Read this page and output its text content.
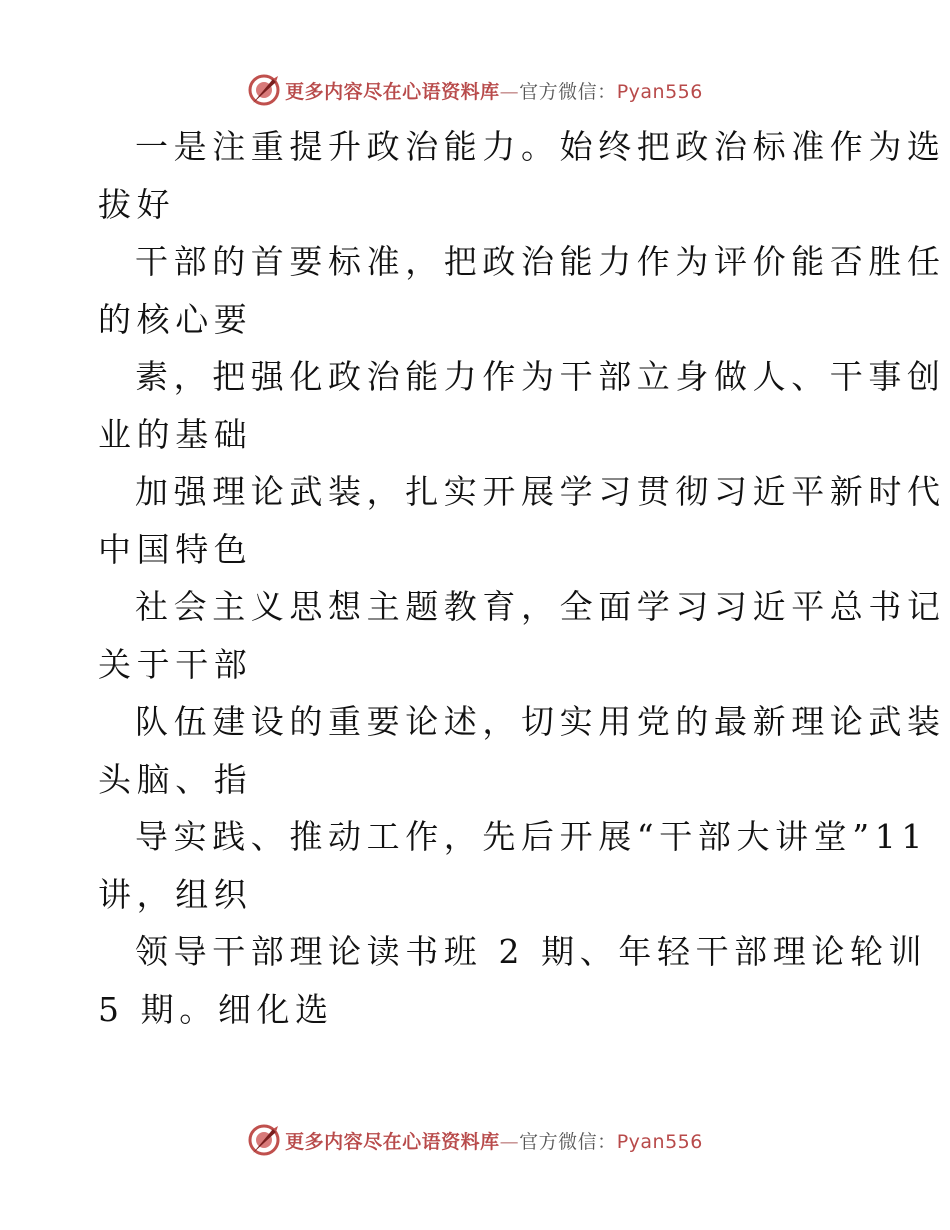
更多内容尽在心语资料库—官方微信：Pyan556

一是注重提升政治能力。始终把政治标准作为选
拔好

干部的首要标准，把政治能力作为评价能否胜任
的核心要

素，把强化政治能力作为干部立身做人、干事创
业的基础

加强理论武装，扎实开展学习贯彻习近平新时代
中国特色

社会主义思想主题教育，全面学习习近平总书记
关于干部

队伍建设的重要论述，切实用党的最新理论武装
头脑、指

导实践、推动工作，先后开展“干部大讲堂”11
讲，组织

领导干部理论读书班 2 期、年轻干部理论轮训
5 期。细化选

更多内容尽在心语资料库—官方微信：Pyan556
